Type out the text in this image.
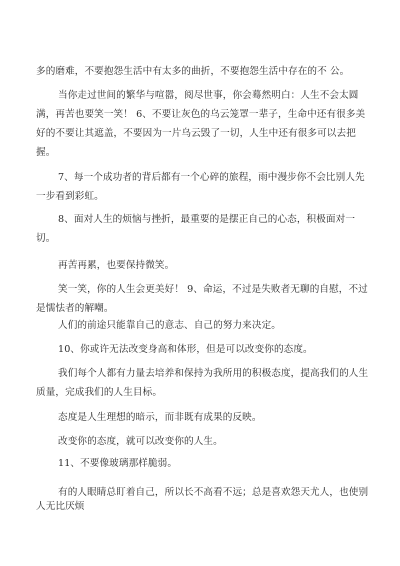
多的磨难，不要抱怨生活中有太多的曲折，不要抱怨生活中存在的不 公。

当你走过世间的繁华与喧嚣，阅尽世事，你会蓦然明白：人生不会太圆满，再苦也要笑一笑！ 6、不要让灰色的乌云笼罩一辈子，生命中还有很多美好的不要让其遮盖，不要因为一片乌云毁了一切，人生中还有很多可以去把握。

7、每一个成功者的背后都有一个心碎的旅程，雨中漫步你不会比别人先一步看到彩虹。

8、面对人生的烦恼与挫折，最重要的是摆正自己的心态，积极面对一切。

再苦再累，也要保持微笑。

笑一笑，你的人生会更美好！ 9、命运，不过是失败者无聊的自慰，不过是懦怯者的解嘲。

人们的前途只能靠自己的意志、自己的努力来决定。

10、你或许无法改变身高和体形，但是可以改变你的态度。

我们每个人都有力量去培养和保持为我所用的积极态度，提高我们的人生质量，完成我们的人生目标。

态度是人生理想的暗示，而非既有成果的反映。

改变你的态度，就可以改变你的人生。

11、不要像玻璃那样脆弱。

有的人眼睛总盯着自己，所以长不高看不远；总是喜欢怨天尤人，也使别人无比厌烦
